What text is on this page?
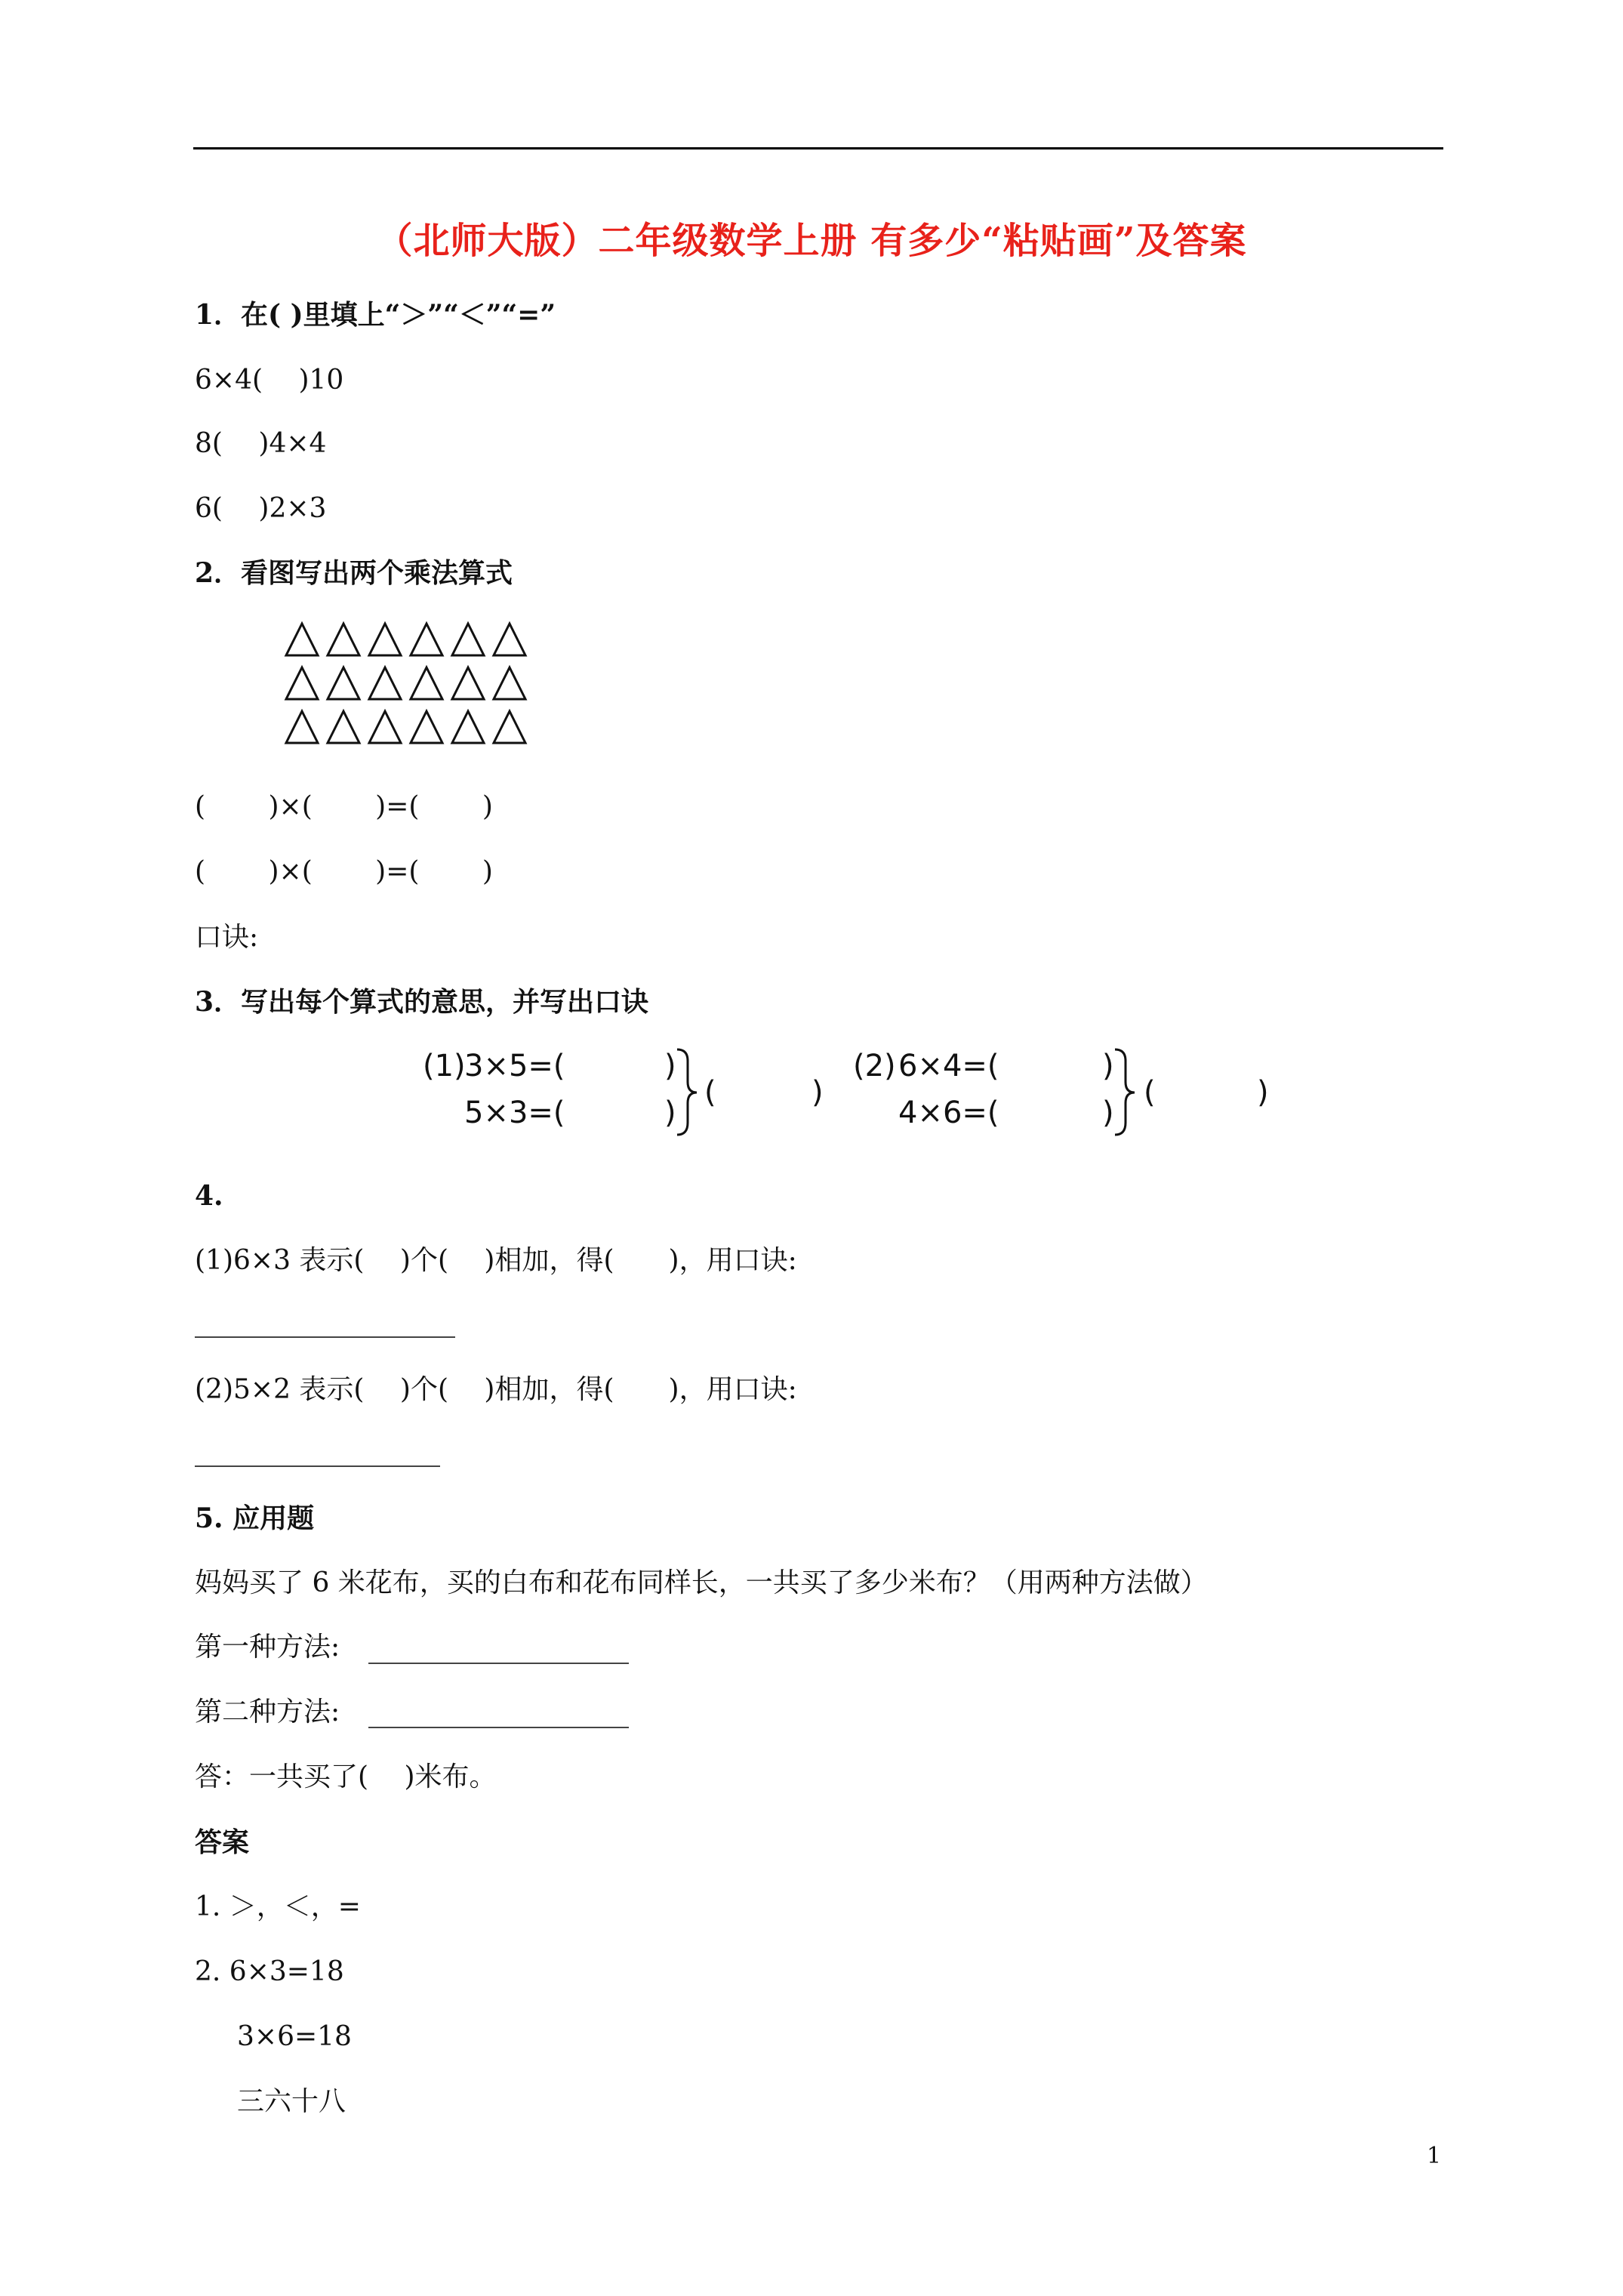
（北师大版）二年级数学上册 有多少“粘贴画”及答案
1．在( )里填上“＞”“＜”“=”
6×4(　 )10
8(　 )4×4
6(　 )2×3
2．看图写出两个乘法算式
(　　 )×(　　 )=(　　 )
(　　 )×(　　 )=(　　 )
口诀:
3．写出每个算式的意思，并写出口诀
(1)
3×5=(
5×3=(
)
)
(	)
(2) 6×4=(
4×6=(
)
)
(	)
4.
(1)6×3 表示(　 )个(　 )相加，得(　　)，用口诀:
(2)5×2 表示(　 )个(　 )相加，得(　　)，用口诀:
5. 应用题
妈妈买了 6 米花布，买的白布和花布同样长，一共买了多少米布？（用两种方法做）
第一种方法:
第二种方法:
答：一共买了(　 )米布。
答案
1. ＞，＜，=
2. 6×3=18
3×6=18
三六十八
1
